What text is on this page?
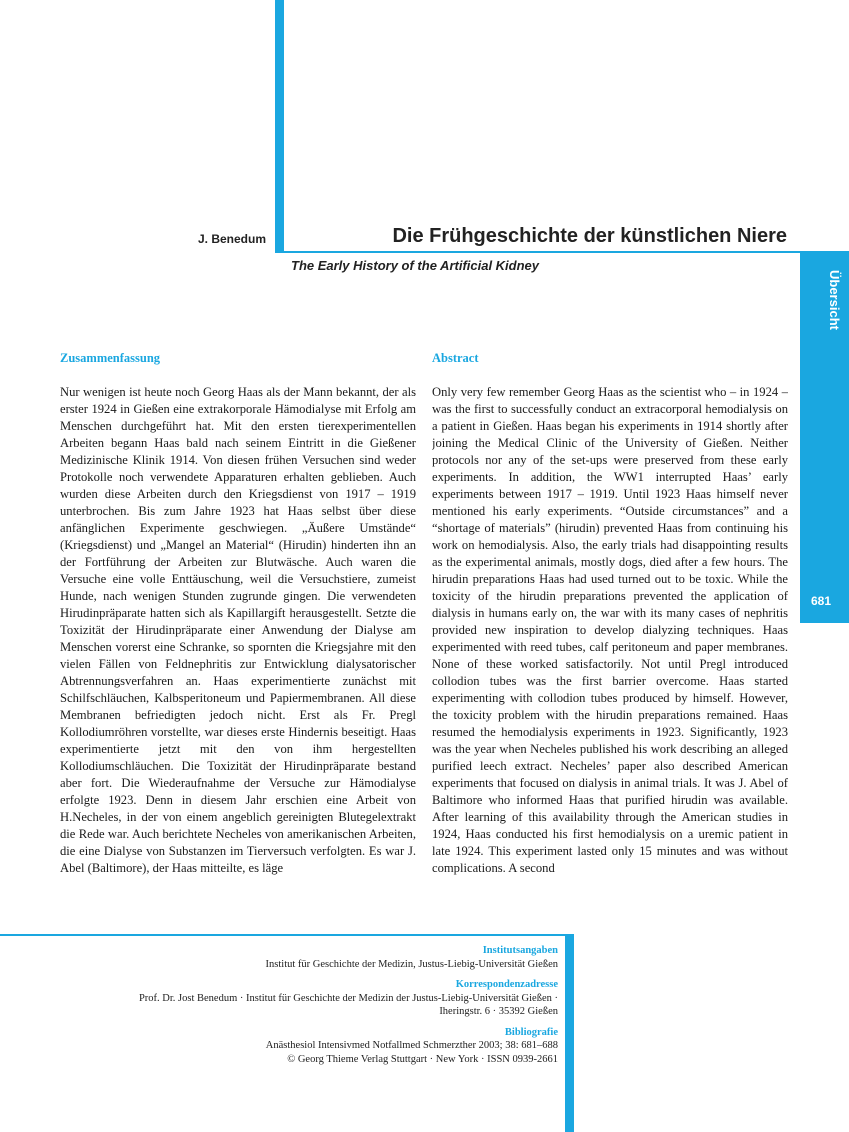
Übersicht
681
J. Benedum	Die Frühgeschichte der künstlichen Niere
The Early History of the Artificial Kidney
Zusammenfassung	Abstract

Nur wenigen ist heute noch Georg Haas als der Mann bekannt, der als erster 1924 in Gießen eine extrakorporale Hämodialyse mit Erfolg am Menschen durchgeführt hat. Mit den ersten tierexperimentellen Arbeiten begann Haas bald nach seinem Eintritt in die Gießener Medizinische Klinik 1914. Von diesen frühen Versuchen sind weder Protokolle noch verwendete Apparaturen erhalten geblieben. Auch wurden diese Arbeiten durch den Kriegsdienst von 1917 – 1919 unterbrochen. Bis zum Jahre 1923 hat Haas selbst über diese anfänglichen Experimente geschwiegen. „Äußere Umstände“ (Kriegsdienst) und „Mangel an Material“ (Hirudin) hinderten ihn an der Fortführung der Arbeiten zur Blutwäsche. Auch waren die Versuche eine volle Enttäuschung, weil die Versuchstiere, zumeist Hunde, nach wenigen Stunden zugrunde gingen. Die verwendeten Hirudinpräparate hatten sich als Kapillargift herausgestellt. Setzte die Toxizität der Hirudinpräparate einer Anwendung der Dialyse am Menschen vorerst eine Schranke, so spornten die Kriegsjahre mit den vielen Fällen von Feldnephritis zur Entwicklung dialysatorischer Abtrennungsverfahren an. Haas experimentierte zunächst mit Schilfschläuchen, Kalbsperitoneum und Papiermembranen. All diese Membranen befriedigten jedoch nicht. Erst als Fr. Pregl Kollodiumröhren vorstellte, war dieses erste Hindernis beseitigt. Haas experimentierte jetzt mit den von ihm hergestellten Kollodiumschläuchen. Die Toxizität der Hirudinpräparate bestand aber fort. Die Wiederaufnahme der Versuche zur Hämodialyse erfolgte 1923. Denn in diesem Jahr erschien eine Arbeit von H.Necheles, in der von einem angeblich gereinigten Blutegelextrakt die Rede war. Auch berichtete Necheles von amerikanischen Arbeiten, die eine Dialyse von Substanzen im Tierversuch verfolgten. Es war J. Abel (Baltimore), der Haas mitteilte, es läge

Only very few remember Georg Haas as the scientist who – in 1924 – was the first to successfully conduct an extracorporal hemodialysis on a patient in Gießen. Haas began his experiments in 1914 shortly after joining the Medical Clinic of the University of Gießen. Neither protocols nor any of the set-ups were preserved from these early experiments. In addition, the WW1 interrupted Haas’ early experiments between 1917 – 1919. Until 1923 Haas himself never mentioned his early experiments. “Outside circumstances” and a “shortage of materials” (hirudin) prevented Haas from continuing his work on hemodialysis. Also, the early trials had disappointing results as the experimental animals, mostly dogs, died after a few hours. The hirudin preparations Haas had used turned out to be toxic. While the toxicity of the hirudin preparations prevented the application of dialysis in humans early on, the war with its many cases of nephritis provided new inspiration to develop dialyzing techniques. Haas experimented with reed tubes, calf peritoneum and paper membranes. None of these worked satisfactorily. Not until Pregl introduced collodion tubes was the first barrier overcome. Haas started experimenting with collodion tubes produced by himself. However, the toxicity problem with the hirudin preparations remained. Haas resumed the hemodialysis experiments in 1923. Significantly, 1923 was the year when Necheles published his work describing an alleged purified leech extract. Necheles’ paper also described American experiments that focused on dialysis in animal trials. It was J. Abel of Baltimore who informed Haas that purified hirudin was available. After learning of this availability through the American studies in 1924, Haas conducted his first hemodialysis on a uremic patient in late 1924. This experiment lasted only 15 minutes and was without complications. A second

Institutsangaben
Institut für Geschichte der Medizin, Justus-Liebig-Universität Gießen
Korrespondenzadresse
Prof. Dr. Jost Benedum · Institut für Geschichte der Medizin der Justus-Liebig-Universität Gießen ·
Iheringstr. 6 · 35392 Gießen
Bibliografie
Anästhesiol Intensivmed Notfallmed Schmerzther 2003; 38: 681–688
© Georg Thieme Verlag Stuttgart · New York · ISSN 0939-2661
